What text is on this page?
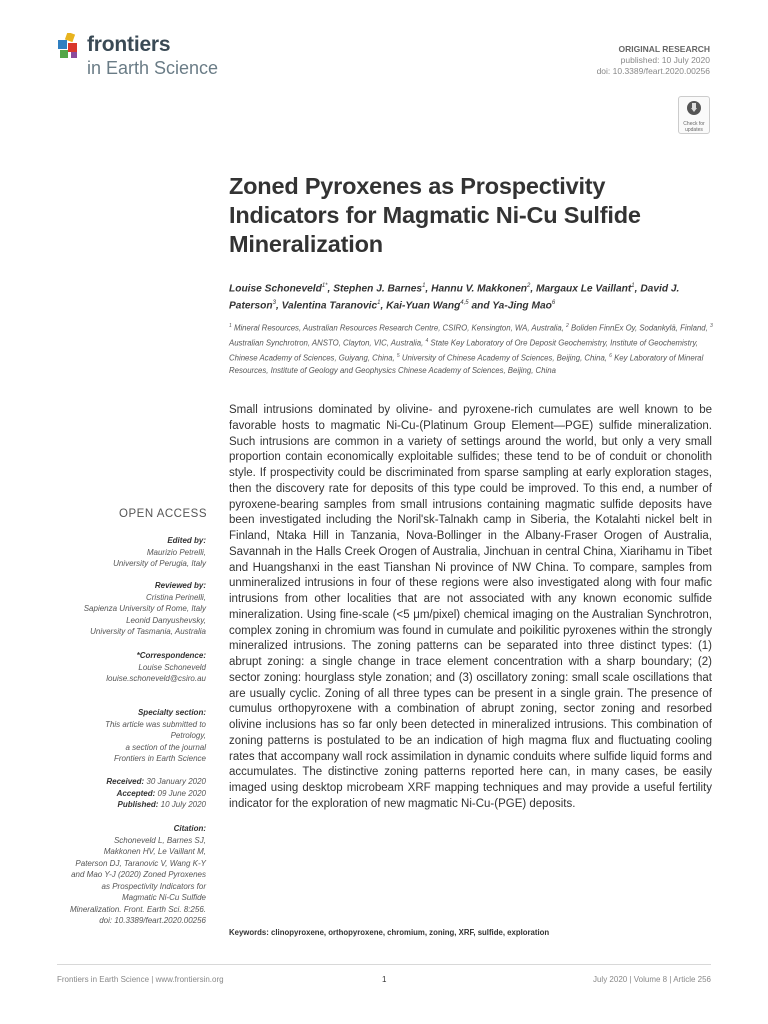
frontiers
in Earth Science
ORIGINAL RESEARCH
published: 10 July 2020
doi: 10.3389/feart.2020.00256
Check for
updates
Zoned Pyroxenes as Prospectivity Indicators for Magmatic Ni-Cu Sulfide Mineralization
Louise Schoneveld$^{1*}$, Stephen J. Barnes$^1$, Hannu V. Makkonen$^2$, Margaux Le Vaillant$^1$, David J. Paterson$^3$, Valentina Taranovic$^1$, Kai-Yuan Wang$^{4,5}$ and Ya-Jing Mao$^6$
$^1$ Mineral Resources, Australian Resources Research Centre, CSIRO, Kensington, WA, Australia, $^2$ Boliden FinnEx Oy, Sodankylä, Finland, $^3$ Australian Synchrotron, ANSTO, Clayton, VIC, Australia, $^4$ State Key Laboratory of Ore Deposit Geochemistry, Institute of Geochemistry, Chinese Academy of Sciences, Guiyang, China, $^5$ University of Chinese Academy of Sciences, Beijing, China, $^6$ Key Laboratory of Mineral Resources, Institute of Geology and Geophysics Chinese Academy of Sciences, Beijing, China
Small intrusions dominated by olivine- and pyroxene-rich cumulates are well known to be favorable hosts to magmatic Ni-Cu-(Platinum Group Element—PGE) sulfide mineralization. Such intrusions are common in a variety of settings around the world, but only a very small proportion contain economically exploitable sulfides; these tend to be of conduit or chonolith style. If prospectivity could be discriminated from sparse sampling at early exploration stages, then the discovery rate for deposits of this type could be improved. To this end, a number of pyroxene-bearing samples from small intrusions containing magmatic sulfide deposits have been investigated including the Noril'sk-Talnakh camp in Siberia, the Kotalahti nickel belt in Finland, Ntaka Hill in Tanzania, Nova-Bollinger in the Albany-Fraser Orogen of Australia, Savannah in the Halls Creek Orogen of Australia, Jinchuan in central China, Xiarihamu in Tibet and Huangshanxi in the east Tianshan Ni province of NW China. To compare, samples from unmineralized intrusions in four of these regions were also investigated along with four mafic intrusions from other localities that are not associated with any known economic sulfide mineralization. Using fine-scale (<5 μm/pixel) chemical imaging on the Australian Synchrotron, complex zoning in chromium was found in cumulate and poikilitic pyroxenes within the strongly mineralized intrusions. The zoning patterns can be separated into three distinct types: (1) abrupt zoning: a single change in trace element concentration with a sharp boundary; (2) sector zoning: hourglass style zonation; and (3) oscillatory zoning: small scale oscillations that are usually cyclic. Zoning of all three types can be present in a single grain. The presence of cumulus orthopyroxene with a combination of abrupt zoning, sector zoning and resorbed olivine inclusions has so far only been detected in mineralized intrusions. This combination of zoning patterns is postulated to be an indication of high magma flux and fluctuating cooling rates that accompany wall rock assimilation in dynamic conduits where sulfide liquid forms and accumulates. The distinctive zoning patterns reported here can, in many cases, be easily imaged using desktop microbeam XRF mapping techniques and may provide a useful fertility indicator for the exploration of new magmatic Ni-Cu-(PGE) deposits.
Keywords: clinopyroxene, orthopyroxene, chromium, zoning, XRF, sulfide, exploration
OPEN ACCESS
Edited by:
Maurizio Petrelli,
University of Perugia, Italy
Reviewed by:
Cristina Perinelli,
Sapienza University of Rome, Italy
Leonid Danyushevsky,
University of Tasmania, Australia
*Correspondence:
Louise Schoneveld
louise.schoneveld@csiro.au
Specialty section:
This article was submitted to
Petrology,
a section of the journal
Frontiers in Earth Science
Received: 30 January 2020
Accepted: 09 June 2020
Published: 10 July 2020
Citation:
Schoneveld L, Barnes SJ,
Makkonen HV, Le Vaillant M,
Paterson DJ, Taranovic V, Wang K-Y
and Mao Y-J (2020) Zoned Pyroxenes
as Prospectivity Indicators for
Magmatic Ni-Cu Sulfide
Mineralization. Front. Earth Sci. 8:256.
doi: 10.3389/feart.2020.00256
Frontiers in Earth Science | www.frontiersin.org	1	July 2020 | Volume 8 | Article 256
